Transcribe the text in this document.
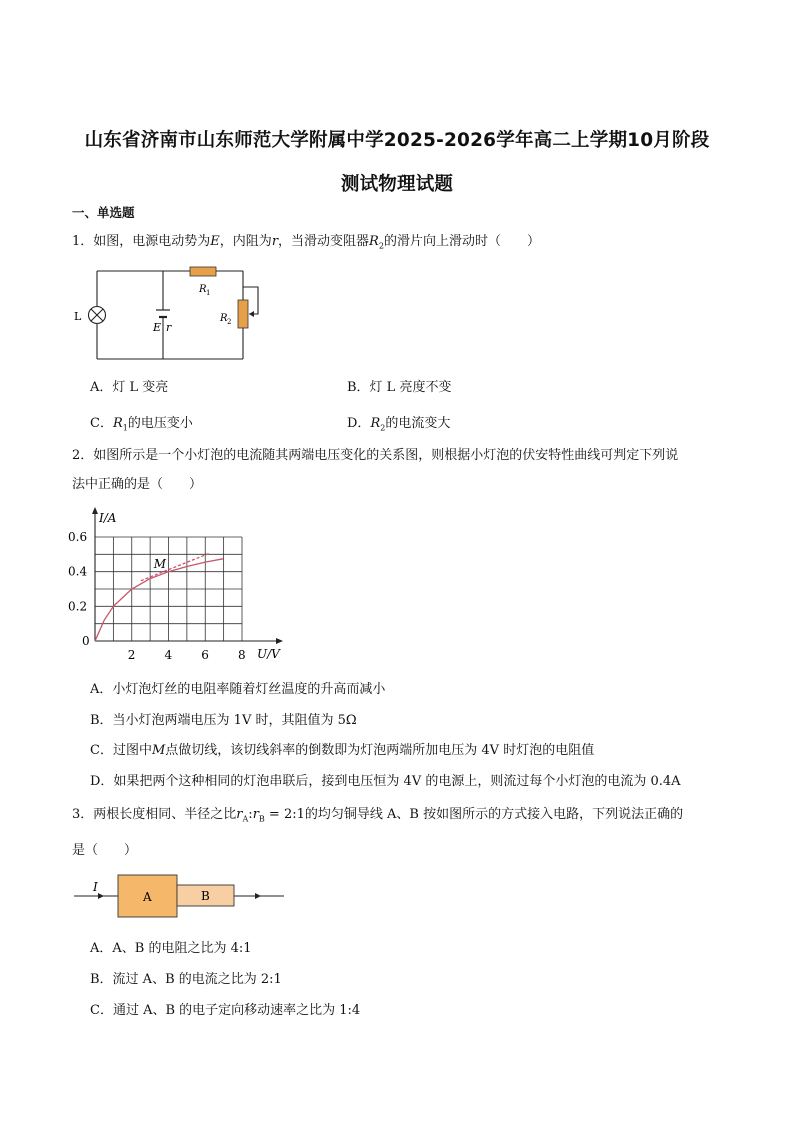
山东省济南市山东师范大学附属中学2025-2026学年高二上学期10月阶段
测试物理试题
一、单选题
1．如图，电源电动势为E，内阻为r，当滑动变阻器$R_2$的滑片向上滑动时（　　）
L
R 1
R 2
E r
A．灯 L 变亮	B．灯 L 亮度不变
C．$R_1$的电压变小	D．$R_2$的电流变大
2．如图所示是一个小灯泡的电流随其两端电压变化的关系图，则根据小灯泡的伏安特性曲线可判定下列说
法中正确的是（　　）
2 4 6 8
0.2
0.4
0.6
0
I/A
U/V
M
A．小灯泡灯丝的电阻率随着灯丝温度的升高而减小
B．当小灯泡两端电压为 1V 时，其阻值为 5Ω
C．过图中M点做切线，该切线斜率的倒数即为灯泡两端所加电压为 4V 时灯泡的电阻值
D．如果把两个这种相同的灯泡串联后，接到电压恒为 4V 的电源上，则流过每个小灯泡的电流为 0.4A
3．两根长度相同、半径之比$r_A:r_B$ = 2:1的均匀铜导线 A、B 按如图所示的方式接入电路，下列说法正确的
是（　　）
I
A	B
A．A、B 的电阻之比为 4:1
B．流过 A、B 的电流之比为 2:1
C．通过 A、B 的电子定向移动速率之比为 1:4
